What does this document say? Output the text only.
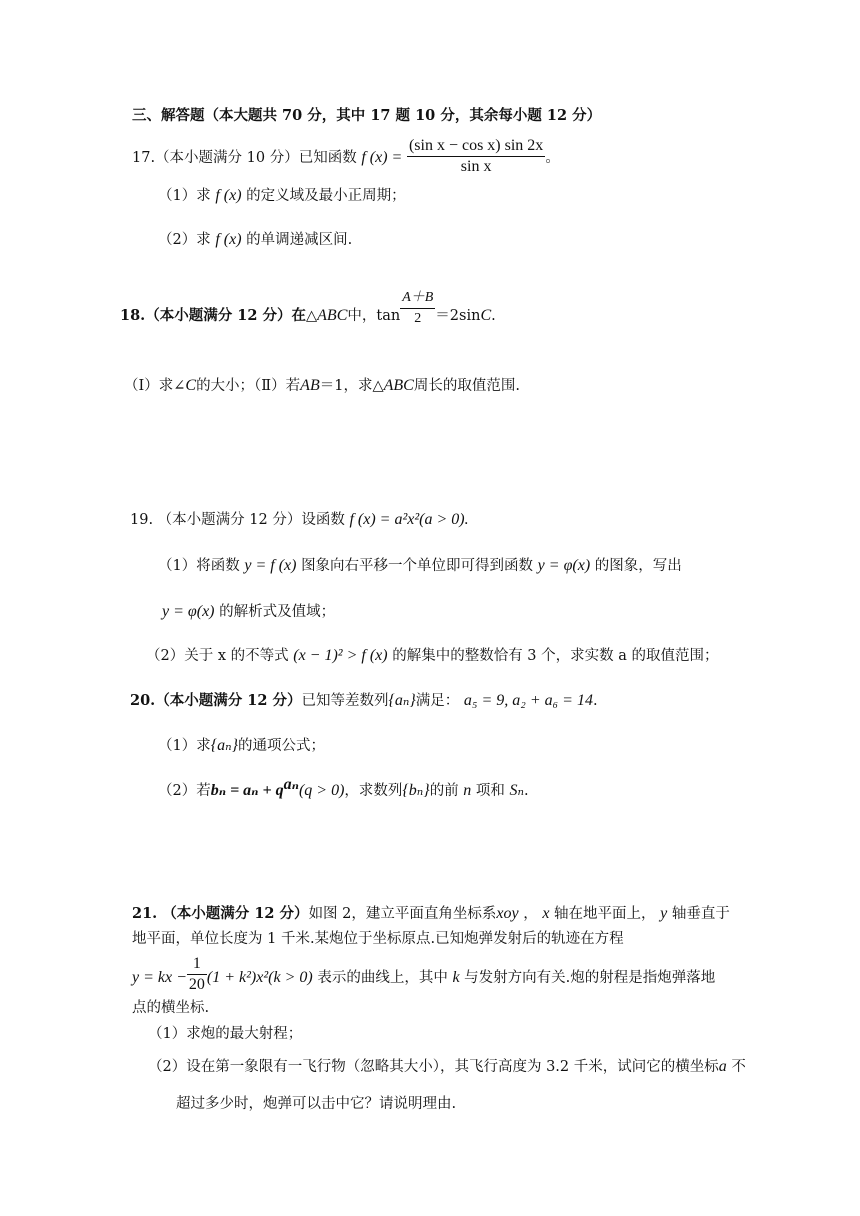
三、解答题（本大题共 70 分，其中 17 题 10 分，其余每小题 12 分）
17.（本小题满分 10 分）已知函数 f $(x) = \frac{\text{(sin x − cos x) sin 2x}}{\text{sin x}}$ 。
（1）求 f (x) 的定义域及最小正周期；
（2）求 f (x) 的单调递减区间.
18.（本小题满分 12 分）在△ABC中，$\tan \frac{A+B}{2} =2\sin C$.
（Ⅰ）求∠C的大小；（Ⅱ）若AB＝1，求△ABC周长的取值范围.
19. （本小题满分 12 分）设函数 f (x) = a²x²(a > 0).
（1）将函数 y = f (x) 图象向右平移一个单位即可得到函数 y = φ(x) 的图象，写出
y = φ(x) 的解析式及值域；
（2）关于 x 的不等式 (x − 1)² > f (x) 的解集中的整数恰有 3 个，求实数 a 的取值范围；
20.（本小题满分 12 分）已知等差数列{aₙ}满足： a₅ = 9, a₂ + a₆ = 14.
（1）求{aₙ}的通项公式；
（2）若$b_n = a_n + q^{a_n}(q > 0)$，求数列{bₙ}的前 n 项和 Sₙ.
21. （本小题满分 12 分）如图 2，建立平面直角坐标系xoy ， x 轴在地平面上， y 轴垂直于
地平面，单位长度为 1 千米.某炮位于坐标原点.已知炮弹发射后的轨迹在方程
y = kx − $\frac{1}{20} (1 + k^2)x^2(k > 0)$ 表示的曲线上，其中 k 与发射方向有关.炮的射程是指炮弹落地
点的横坐标.
（1）求炮的最大射程；
（2）设在第一象限有一飞行物（忽略其大小），其飞行高度为 3.2 千米，试问它的横坐标a 不
超过多少时，炮弹可以击中它？请说明理由.
